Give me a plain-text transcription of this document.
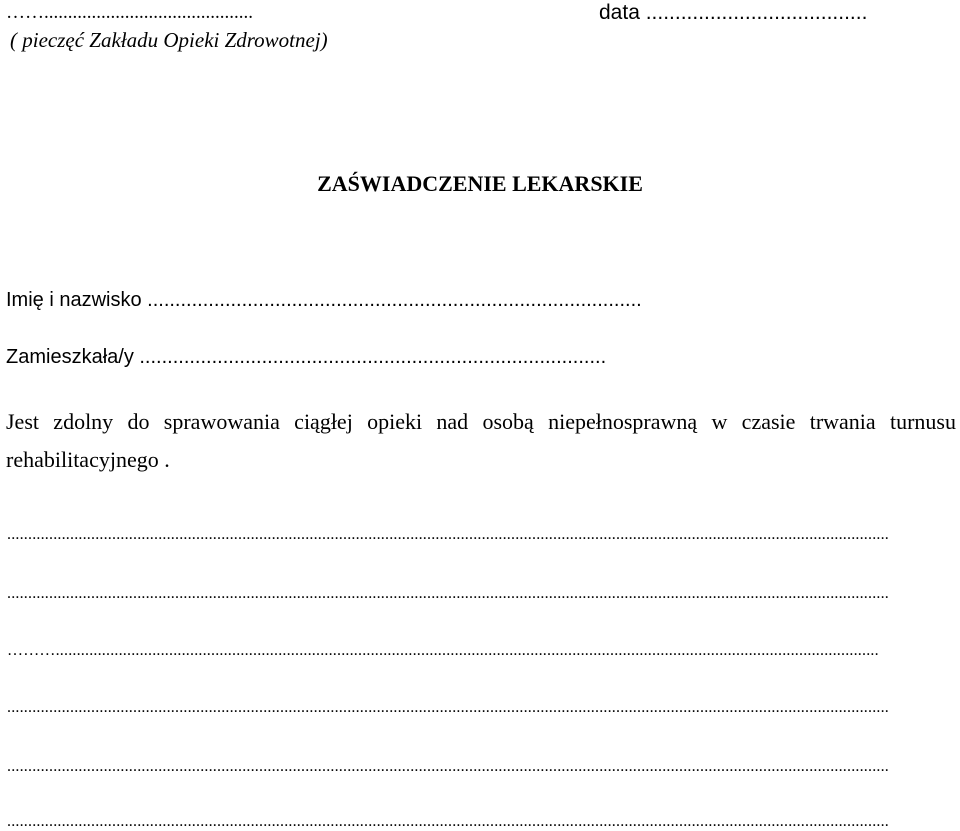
……............................................
( pieczęć Zakładu Opieki Zdrowotnej)
data ......................................
ZAŚWIADCZENIE LEKARSKIE
Imię i nazwisko .........................................................................................
Zamieszkała/y ....................................................................................

Jest zdolny do sprawowania ciągłej opieki nad osobą niepełnosprawną w czasie trwania turnusu rehabilitacyjnego .

..................................................................................................................................................................................................................
..................................................................................................................................................................................................................
………....................................................................................................................................................................................................
..................................................................................................................................................................................................................
..................................................................................................................................................................................................................
..................................................................................................................................................................................................................
